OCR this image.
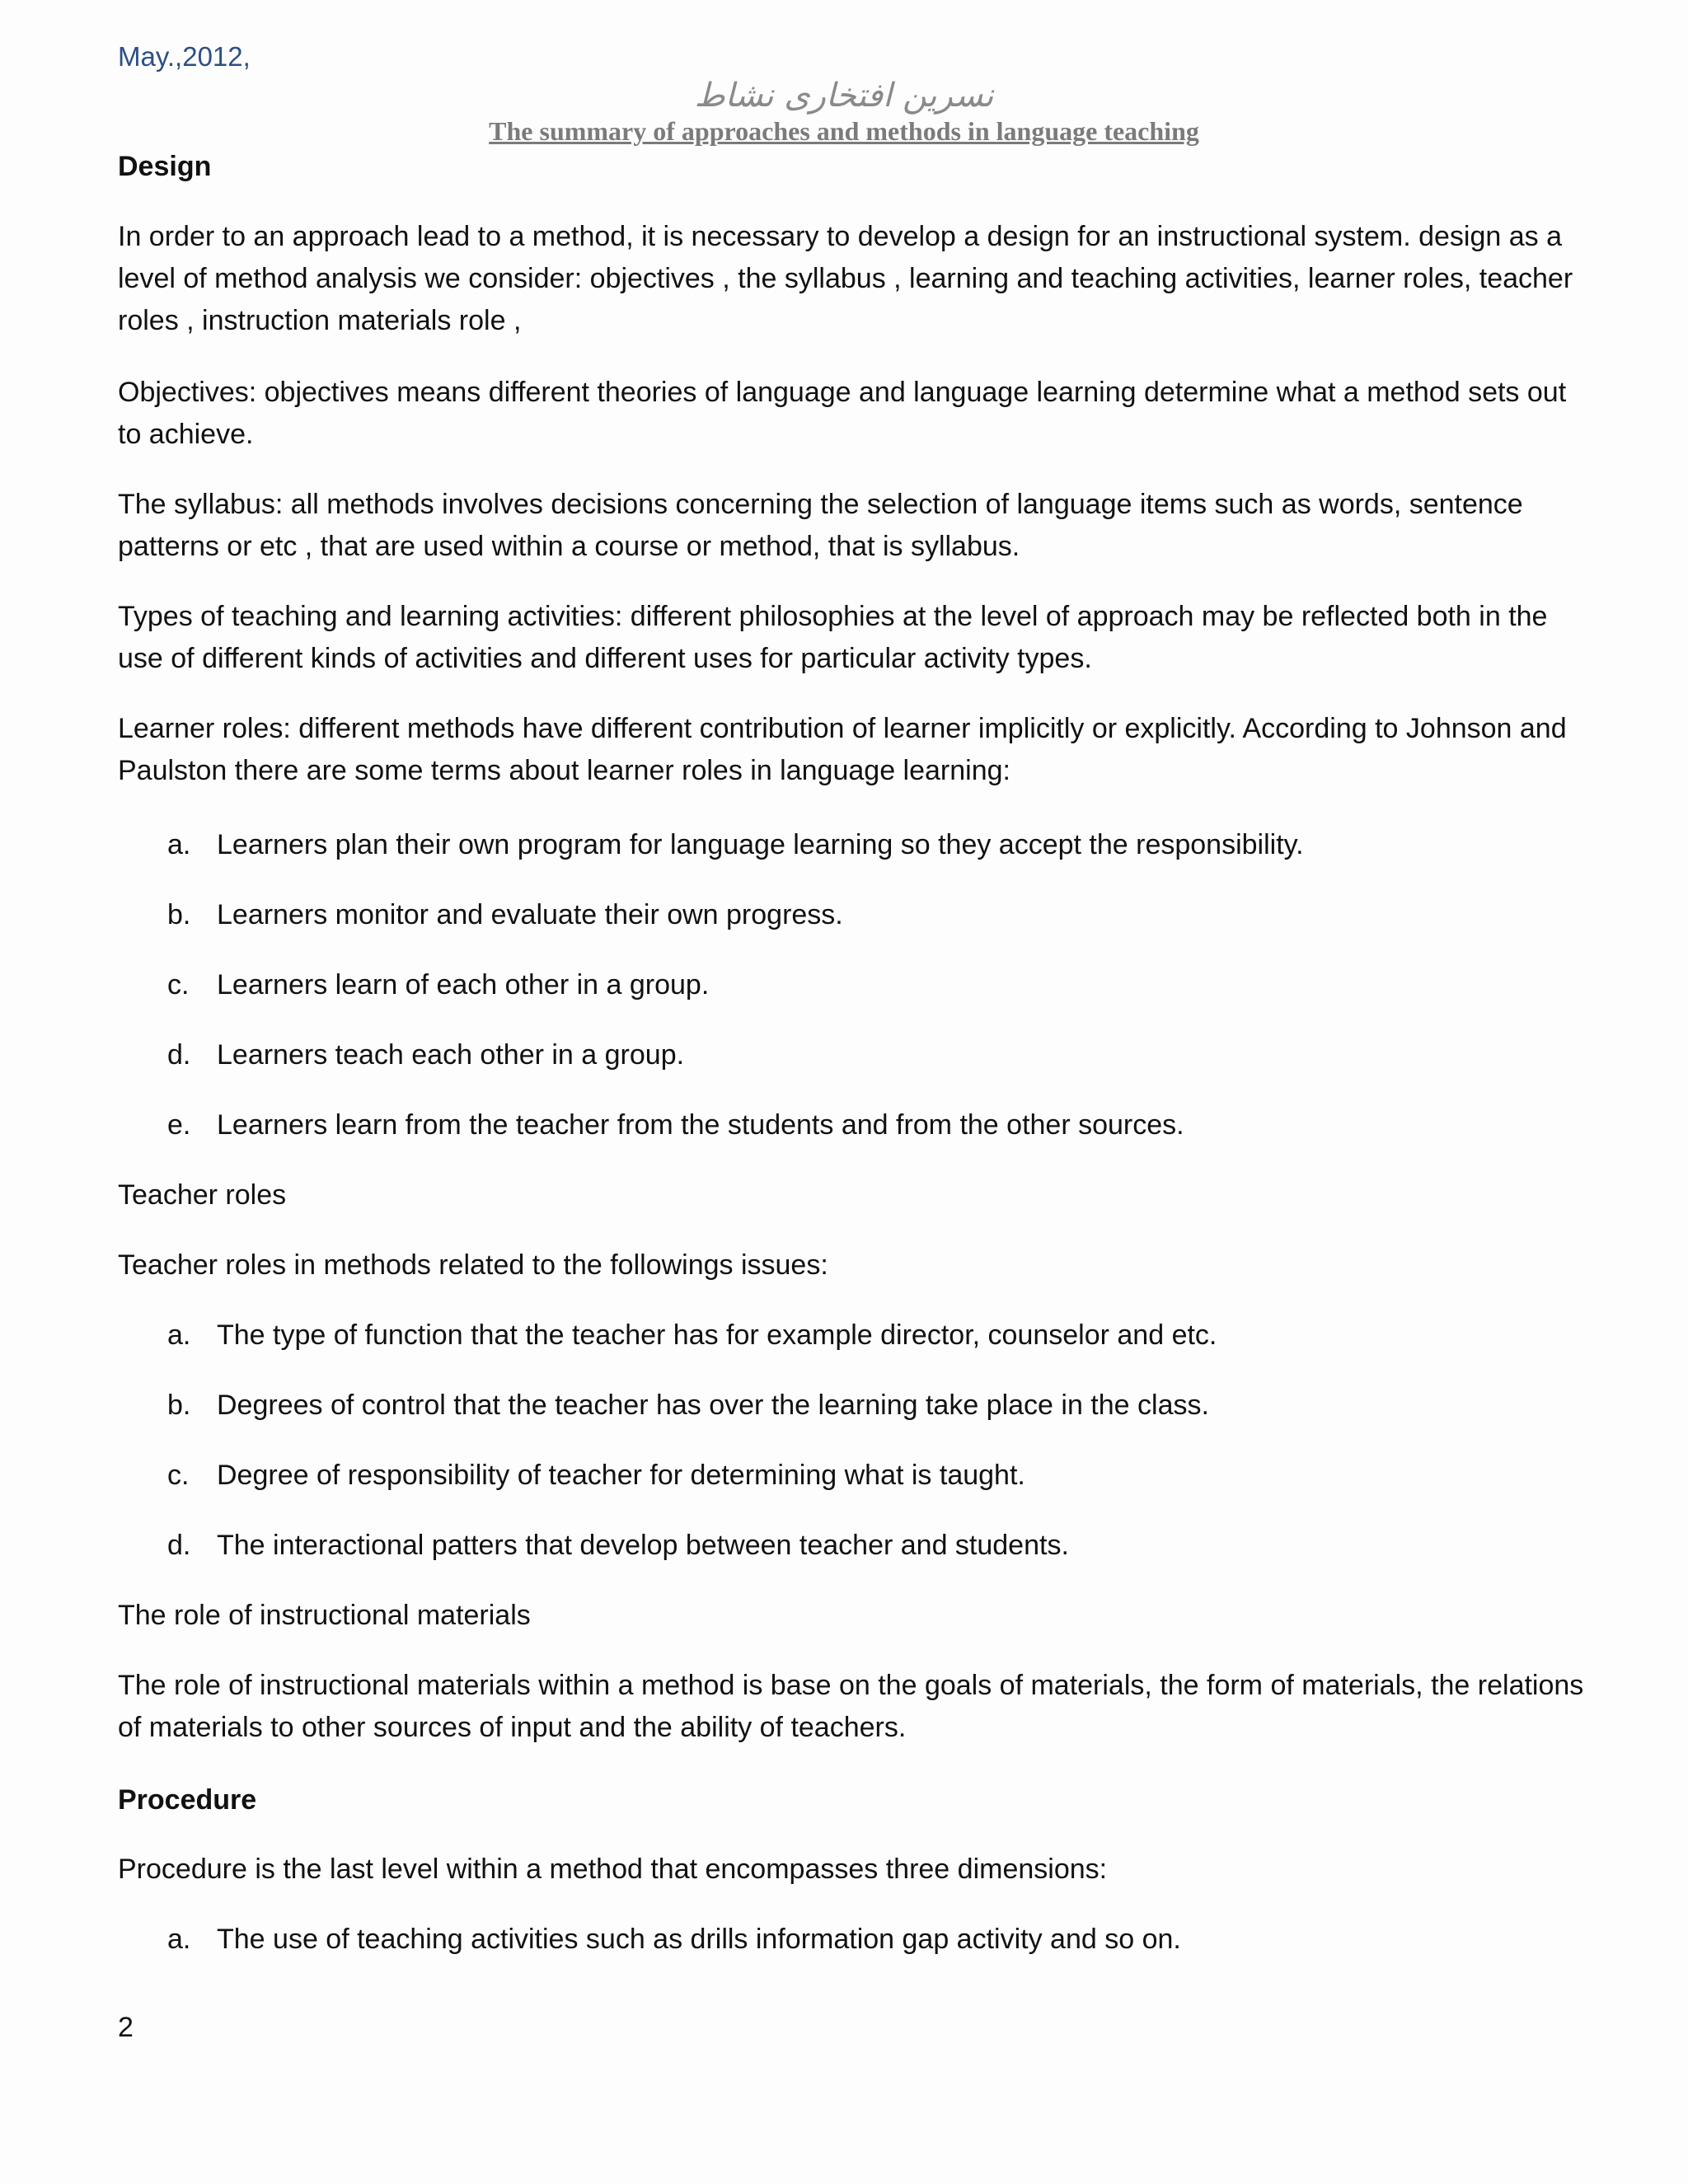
May.,2012,
نسرین افتخاری نشاط
The summary of approaches and methods in language teaching
Design
In order to an approach lead to a method, it is necessary to develop a design for an instructional system. design as a level of method analysis we consider: objectives , the syllabus , learning and teaching activities, learner roles, teacher roles , instruction materials role ,
Objectives: objectives means different theories of language and language learning determine what a method sets out to achieve.
The syllabus: all methods involves decisions concerning the selection of language items such as words, sentence patterns or etc , that are used within a course or method, that is syllabus.
Types of teaching and learning activities: different philosophies at the level of approach may be reflected both in the use of different kinds of activities and different uses for particular activity types.
Learner roles: different methods have different contribution of learner implicitly or explicitly. According to Johnson and Paulston there are some terms about learner roles in language learning:
a. Learners plan their own program for language learning so they accept the responsibility.
b. Learners monitor and evaluate their own progress.
c. Learners learn of each other in a group.
d. Learners teach each other in a group.
e. Learners learn from the teacher from the students and from the other sources.
Teacher roles
Teacher roles in methods related to the followings issues:
a. The type of function that the teacher has for example director, counselor and etc.
b. Degrees of control that the teacher has over the learning take place in the class.
c. Degree of responsibility of teacher for determining what is taught.
d. The interactional patters that develop between teacher and students.
The role of instructional materials
The role of instructional materials within a method is base on the goals of materials, the form of materials, the relations of materials to other sources of input and the ability of teachers.
Procedure
Procedure is the last level within a method that encompasses three dimensions:
a. The use of teaching activities such as drills information gap activity and so on.
2
